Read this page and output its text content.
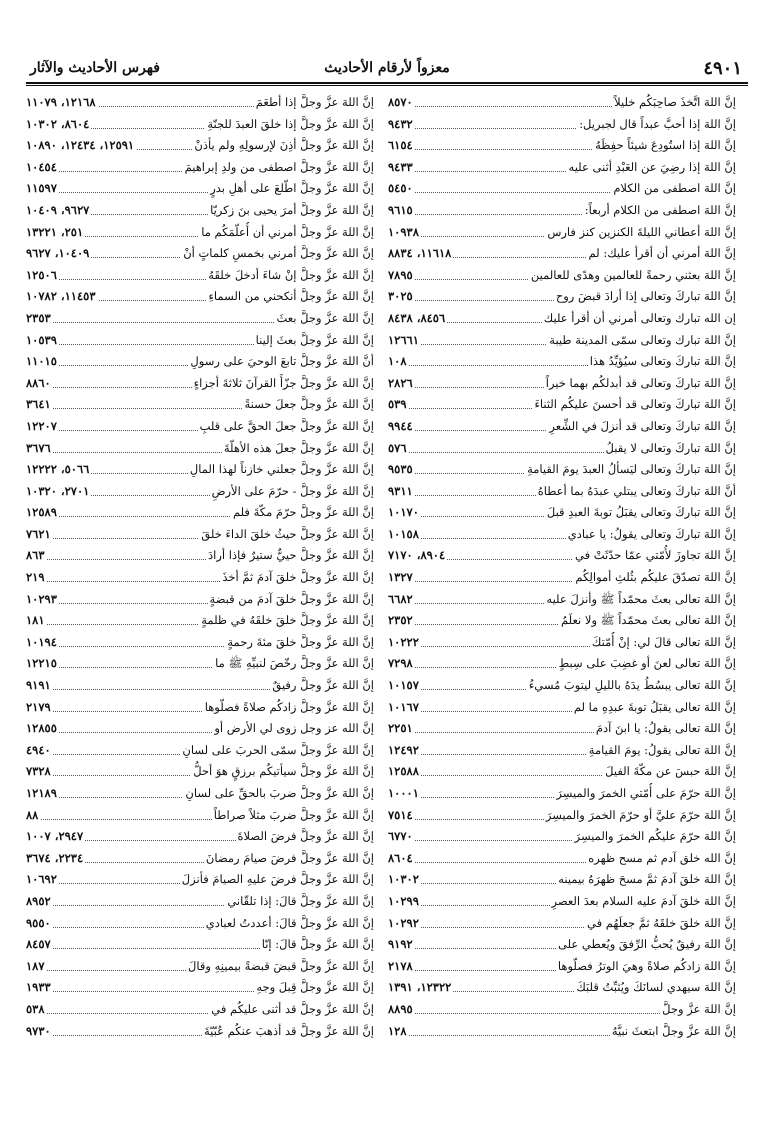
٤٩٠١
معزواً لأرقام الأحاديث
فهرس الأحاديث والآثار
إنَّ اللهَ اتَّخذَ صاحِبَكُم خليلاً
٨٥٧٠
إنَّ اللهَ إذا أحبَّ عبداً قال لجبريل:
٩٤٣٢
إنَّ اللهَ إذا استُودِعَ شيئاً حفِظَهُ
٦١٥٤
إنَّ اللهَ إذا رضِيَ عن العَبْدِ أثنى عليه
٩٤٣٣
إنَّ اللهَ اصطفى من الكلام
٥٤٥٠
إنَّ اللهَ اصطفى من الكلام أربعاً:
٩٦١٥
إنَّ اللهَ أعطاني الليلةَ الكنزين كنز فارس
١٠٩٣٨
إنَّ اللهَ أمرني أن أقرأ عليك: لم
١١٦١٨، ٨٨٣٤
إنَّ اللهَ بعثني رحمةً للعالمين وهدًى للعالمين
٧٨٩٥
إنَّ اللهَ تباركَ وتعالى إذا أرادَ قبضَ روح
٣٠٢٥
إن الله تبارك وتعالى أمرني أن أقرأ عليك
٨٤٥٦، ٨٤٣٨
إنَّ اللهَ تبارك وتعالى سمّى المدينة طيبة
١٢٦٦١
إنَّ اللهَ تباركَ وتعالى سيُؤيِّدُ هذا
١٠٨
إنَّ اللهَ تباركَ وتعالى قد أبدلكُم بهما خيراً
٢٨٢٦
إنَّ اللهَ تباركَ وتعالى قد أحسنَ عليكُم الثناءَ
٥٣٩
إنَّ اللهَ تباركَ وتعالى قد أنزلَ في الشِّعرِ
٩٩٤٤
إنَّ اللهَ تباركَ وتعالى لا يقبلُ
٥٧٦
إنَّ اللهَ تباركَ وتعالى ليَسألُ العبدَ يومَ القيامةِ
٩٥٣٥
أنَّ اللهَ تباركَ وتعالى يبتلي عبدَهُ بما أعطاهُ
٩٣١١
إنَّ اللهَ تباركَ وتعالى يقبَلُ توبةَ العبدِ قبلَ
١٠١٧٠
إنَّ اللهَ تباركَ وتعالى يقولُ: يا عبادي
١٠١٥٨
إنَّ اللهَ تجاوزَ لأُمّتي عمّا حدّثَتْ في
٨٩٠٤، ٧١٧٠
إنَّ اللهَ تصدّقَ عليكُم بثُلثِ أموالِكُم
١٣٢٧
إنَّ اللهَ تعالى بعثَ محمّداً ﷺ وأنزلَ عليه
٦٦٨٢
إنَّ اللهَ تعالى بعثَ محمّداً ﷺ ولا نعلَمُ
٢٣٥٢
إنَّ اللهَ تعالى قالَ لي: إنْ أُمّتكَ
١٠٢٢٢
إنَّ اللهَ تعالى لعنَ أو غضِبَ على سِبطٍ
٧٢٩٨
إنَّ اللهَ تعالى يبسُطُ يدَهُ بالليلِ ليتوبَ مُسيءُ
١٠١٥٧
إنَّ اللهَ تعالى يقبَلُ توبةَ عبدِهِ ما لم
١٠١٦٧
إنَّ اللهَ تعالى يقولُ: يا ابنَ آدمَ
٢٢٥١
إنَّ اللهَ تعالى يقولُ: يومَ القيامةِ
١٢٤٩٢
إنَّ اللهَ حبسَ عن مكّةَ الفيلَ
١٢٥٨٨
إنَّ اللهَ حرّمَ على أُمّتي الخمرَ والميسِرَ
١٠٠٠١
إنَّ اللهَ حرّمَ عليَّ أو حرّمَ الخمرَ والميسِرَ
٧٥١٤
إنَّ اللهَ حرّمَ عليكُم الخمرَ والميسِرَ
٦٧٧٠
إنَّ الله خلق آدم ثم مسح ظهره
٨٦٠٤
إنَّ اللهَ خلقَ آدمَ ثمَّ مسحَ ظهرَهُ بيمينه
١٠٣٠٢
إنَّ اللهَ خلقَ آدمَ عليه السلام بعدَ العصرِ
١٠٢٩٩
إنَّ اللهَ خلقَ خلقَهُ ثمَّ جعلَهُم في
١٠٢٩٢
إنَّ اللهَ رفيقٌ يُحبُّ الرِّفقَ ويُعطي على
٩١٩٢
إنَّ اللهَ زادكُم صلاةً وهيَ الوترُ فصلّوها
٢١٧٨
إنَّ اللهَ سيهدي لسانَكَ ويُثبِّتُ قلبَكَ
١٢٣٢٢، ١٣٩١
إنَّ اللهَ عزَّ وجلَّ
٨٨٩٥
إنَّ اللهَ عزَّ وجلَّ ابتعثَ نبيَّهُ
١٢٨
إنَّ اللهَ عزَّ وجلَّ إذا أطعَمَ
١٢١٦٨، ١١٠٧٩
إنَّ اللهَ عزَّ وجلَّ إذا خلقَ العبدَ للجنّةِ
٨٦٠٤، ١٠٣٠٢
إنَّ اللهَ عزَّ وجلَّ أذِنَ لإرسولِهِ ولم يأذنْ
١٢٥٩١، ١٢٤٣٤، ١٠٨٩٠
إنَّ اللهَ عزَّ وجلَّ اصطفى من ولدِ إبراهيمَ
١٠٤٥٤
إنَّ اللهَ عزَّ وجلَّ اطّلعَ على أهلِ بدرٍ
١١٥٩٧
إنَّ اللهَ عزَّ وجلَّ أمرَ يحيى بنَ زكريّا
٩٦٢٧، ١٠٤٠٩
إنَّ اللهَ عزَّ وجلَّ أمرني أن أُعلّمَكُم ما
٢٥١، ١٣٢٢١
إنَّ اللهَ عزَّ وجلَّ أمرني بخمسِ كلماتٍ أنْ
١٠٤٠٩، ٩٦٢٧
إنَّ اللهَ عزَّ وجلَّ إنْ شاءَ أدخلَ خلقَهُ
١٢٥٠٦
إنَّ اللهَ عزَّ وجلَّ أنكحني من السماءِ
١١٤٥٣، ١٠٧٨٢
إنَّ اللهَ عزَّ وجلَّ بعثَ
٢٣٥٣
إنَّ اللهَ عزَّ وجلَّ بعثَ إلينا
١٠٥٣٩
أنَّ اللهَ عزَّ وجلَّ تابعَ الوحيَ على رسولِ
١١٠١٥
إنَّ اللهَ عزَّ وجلَّ جزّأَ القرآنَ ثلاثةَ أجزاءٍ
٨٨٦٠
إنَّ اللهَ عزَّ وجلَّ جعلَ حسنةً
٣٦٤١
إنَّ اللهَ عزَّ وجلَّ جعلَ الحقَّ على قلبِ
١٢٢٠٧
إنَّ اللهَ عزَّ وجلَّ جعلَ هذه الأهلّةَ
٣٦٧٦
إنَّ اللهَ عزَّ وجلَّ جعلني خازناً لهذا المالِ
٥٠٦٦، ١٢٢٢٢
إنَّ اللهَ عزَّ وجلَّ - حرّمَ على الأرضِ
٢٧٠١، ١٠٣٢٠
إنَّ اللهَ عزَّ وجلَّ حرّمَ مكّةَ فلم
١٢٥٨٩
إنَّ اللهَ عزَّ وجلَّ حيثُ خلقَ الداءَ خلقَ
٧٦٢١
إنَّ اللهَ عزَّ وجلَّ حييٌّ ستيرٌ فإذا أرادَ
٨٦٣
إنَّ اللهَ عزَّ وجلَّ خلقَ آدمَ ثمَّ أخذَ
٢١٩
إنَّ اللهَ عزَّ وجلَّ خلقَ آدمَ من قبضةٍ
١٠٢٩٣
إنَّ اللهَ عزَّ وجلَّ خلقَ خلقَهُ في ظلمةٍ
١٨١
إنَّ اللهَ عزَّ وجلَّ خلقَ مئةَ رحمةٍ
١٠١٩٤
إنَّ اللهَ عزَّ وجلَّ رخّصَ لنبيِّهِ ﷺ ما
١٢٢١٥
إنَّ اللهَ عزَّ وجلَّ رفيقٌ
٩١٩١
إنَّ اللهَ عزَّ وجلَّ زادكُم صلاةً فصلّوها
٢١٧٩
إنَّ الله عز وجل زوى لي الأرض أو
١٢٨٥٥
إنَّ اللهَ عزَّ وجلَّ سمّى الحربَ على لسانِ
٤٩٤٠
إنَّ اللهَ عزَّ وجلَّ سيأتيكُم برزقٍ هوَ أحلُّ
٧٣٢٨
إنَّ اللهَ عزَّ وجلَّ ضربَ بالحقِّ على لسانِ
١٢١٨٩
إنَّ اللهَ عزَّ وجلَّ ضربَ مثلاً صراطاً
٨٨
إنَّ اللهَ عزَّ وجلَّ فرضَ الصلاةَ
٢٩٤٧، ١٠٠٧
إنَّ اللهَ عزَّ وجلَّ فرضَ صيامَ رمضانَ
٢٢٣٤، ٣٦٧٤
إنَّ اللهَ عزَّ وجلَّ فرضَ عليهِ الصيامَ فأنزلَ
١٠٦٩٢
إنَّ اللهَ عزَّ وجلَّ قالَ: إذا تلقّاني
٨٩٥٢
إنَّ اللهَ عزَّ وجلَّ قالَ: أعددتُ لعبادي
٩٥٥٠
إنَّ اللهَ عزَّ وجلَّ قالَ: إنّا
٨٤٥٧
إنَّ اللهَ عزَّ وجلَّ قبضَ قبضةً بيمينِهِ وقالَ
١٨٧
إنَّ اللهَ عزَّ وجلَّ قِبلَ وجهِ
١٩٣٣
إنَّ اللهَ عزَّ وجلَّ قد أثنى عليكُم في
٥٣٨
إنَّ اللهَ عزَّ وجلَّ قد أذهبَ عنكُم عُبّيّةَ
٩٧٣٠
